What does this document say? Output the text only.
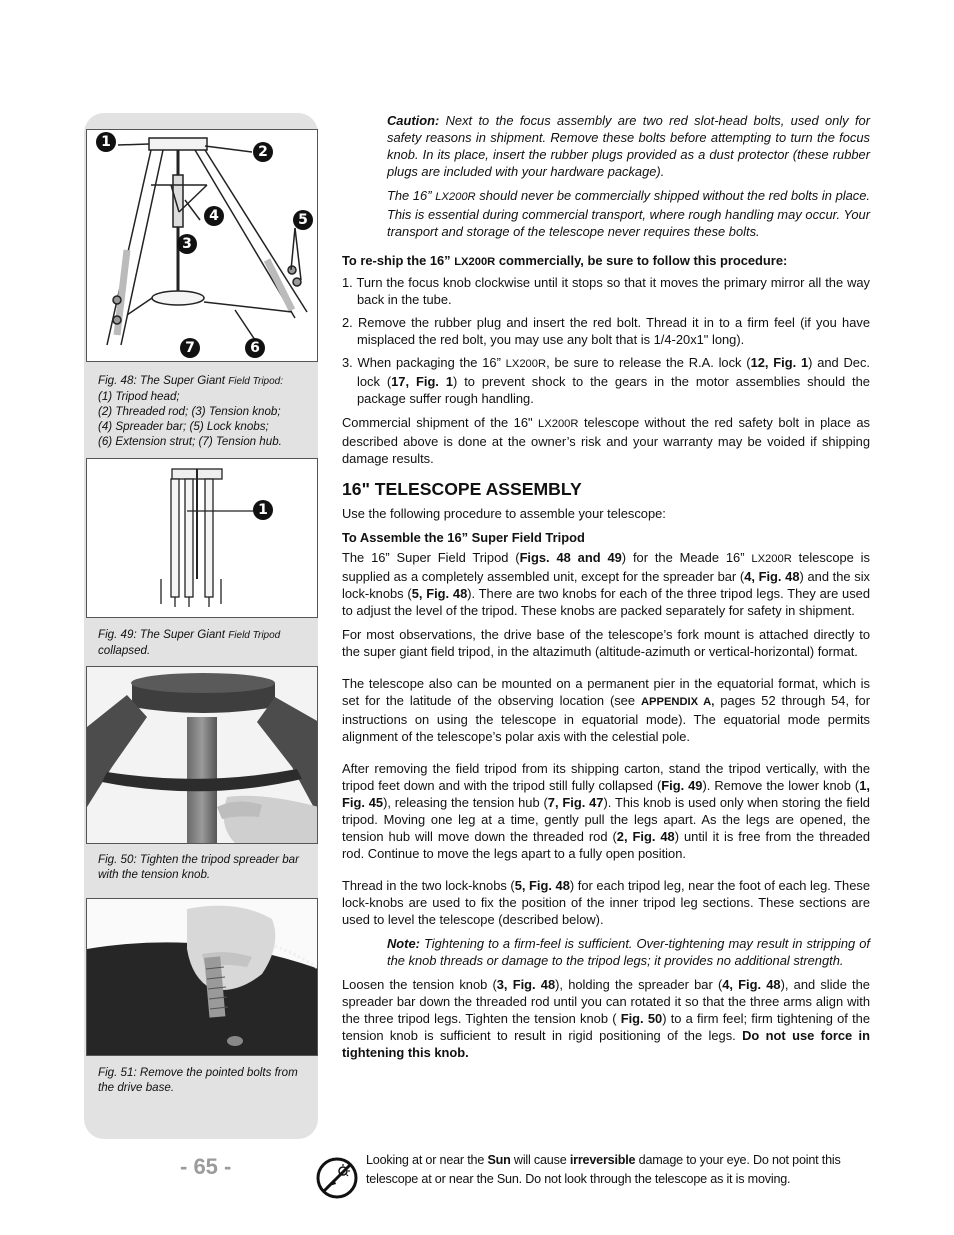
1
2
3
4	5
6
7
Fig. 48: The Super Giant Field Tripod:
(1) Tripod head;
(2) Threaded rod; (3) Tension knob;
(4) Spreader bar; (5) Lock knobs;
(6) Extension strut; (7) Tension hub.
1
Fig. 49: The Super Giant Field Tripod
collapsed.
Fig. 50: Tighten the tripod spreader bar with the tension knob.
Fig. 51: Remove the pointed bolts from the drive base.

Caution: Next to the focus assembly are two red slot-head bolts, used only for safety reasons in shipment. Remove these bolts before attempting to turn the focus knob. In its place, insert the rubber plugs provided as a dust protector (these rubber plugs are included with your hardware package).

The 16” LX200R should never be commercially shipped without the red bolts in place. This is essential during commercial transport, where rough handling may occur. Your transport and storage of the telescope never requires these bolts.

To re-ship the 16” LX200R commercially, be sure to follow this procedure:

1. Turn the focus knob clockwise until it stops so that it moves the primary mirror all the way back in the tube.
2. Remove the rubber plug and insert the red bolt. Thread it in to a firm feel (if you have misplaced the red bolt, you may use any bolt that is 1/4-20x1" long).
3. When packaging the 16” LX200R, be sure to release the R.A. lock (12, Fig. 1) and Dec. lock (17, Fig. 1) to prevent shock to the gears in the motor assemblies should the package suffer rough handling.

Commercial shipment of the 16" LX200R telescope without the red safety bolt in place as described above is done at the owner’s risk and your warranty may be voided if shipping damage results.

16" TELESCOPE ASSEMBLY

Use the following procedure to assemble your telescope:

To Assemble the 16” Super Field Tripod

The 16” Super Field Tripod (Figs. 48 and 49) for the Meade 16” LX200R telescope is supplied as a completely assembled unit, except for the spreader bar (4, Fig. 48) and the six lock-knobs (5, Fig. 48). There are two knobs for each of the three tripod legs. They are used to adjust the level of the tripod. These knobs are packed separately for safety in shipment.

For most observations, the drive base of the telescope’s fork mount is attached directly to the super giant field tripod, in the altazimuth (altitude-azimuth or vertical-horizontal) format.

The telescope also can be mounted on a permanent pier in the equatorial format, which is set for the latitude of the observing location (see APPENDIX A, pages 52 through 54, for instructions on using the telescope in equatorial mode). The equatorial mode permits alignment of the telescope’s polar axis with the celestial pole.

After removing the field tripod from its shipping carton, stand the tripod vertically, with the tripod feet down and with the tripod still fully collapsed (Fig. 49). Remove the lower knob (1, Fig. 45), releasing the tension hub (7, Fig. 47). This knob is used only when storing the field tripod. Moving one leg at a time, gently pull the legs apart. As the legs are opened, the tension hub will move down the threaded rod (2, Fig. 48) until it is free from the threaded rod. Continue to move the legs apart to a fully open position.

Thread in the two lock-knobs (5, Fig. 48) for each tripod leg, near the foot of each leg. These lock-knobs are used to fix the position of the inner tripod leg sections. These sections are used to level the telescope (described below).

Note: Tightening to a firm-feel is sufficient. Over-tightening may result in stripping of the knob threads or damage to the tripod legs; it provides no additional strength.

Loosen the tension knob (3, Fig. 48), holding the spreader bar (4, Fig. 48), and slide the spreader bar down the threaded rod until you can rotated it so that the three arms align with the three tripod legs. Tighten the tension knob ( Fig. 50) to a firm feel; firm tightening of the tension knob is sufficient to result in rigid positioning of the legs. Do not use force in tightening this knob.

- 65 -	Looking at or near the Sun will cause irreversible damage to your eye. Do not point this telescope at or near the Sun. Do not look through the telescope as it is moving.
